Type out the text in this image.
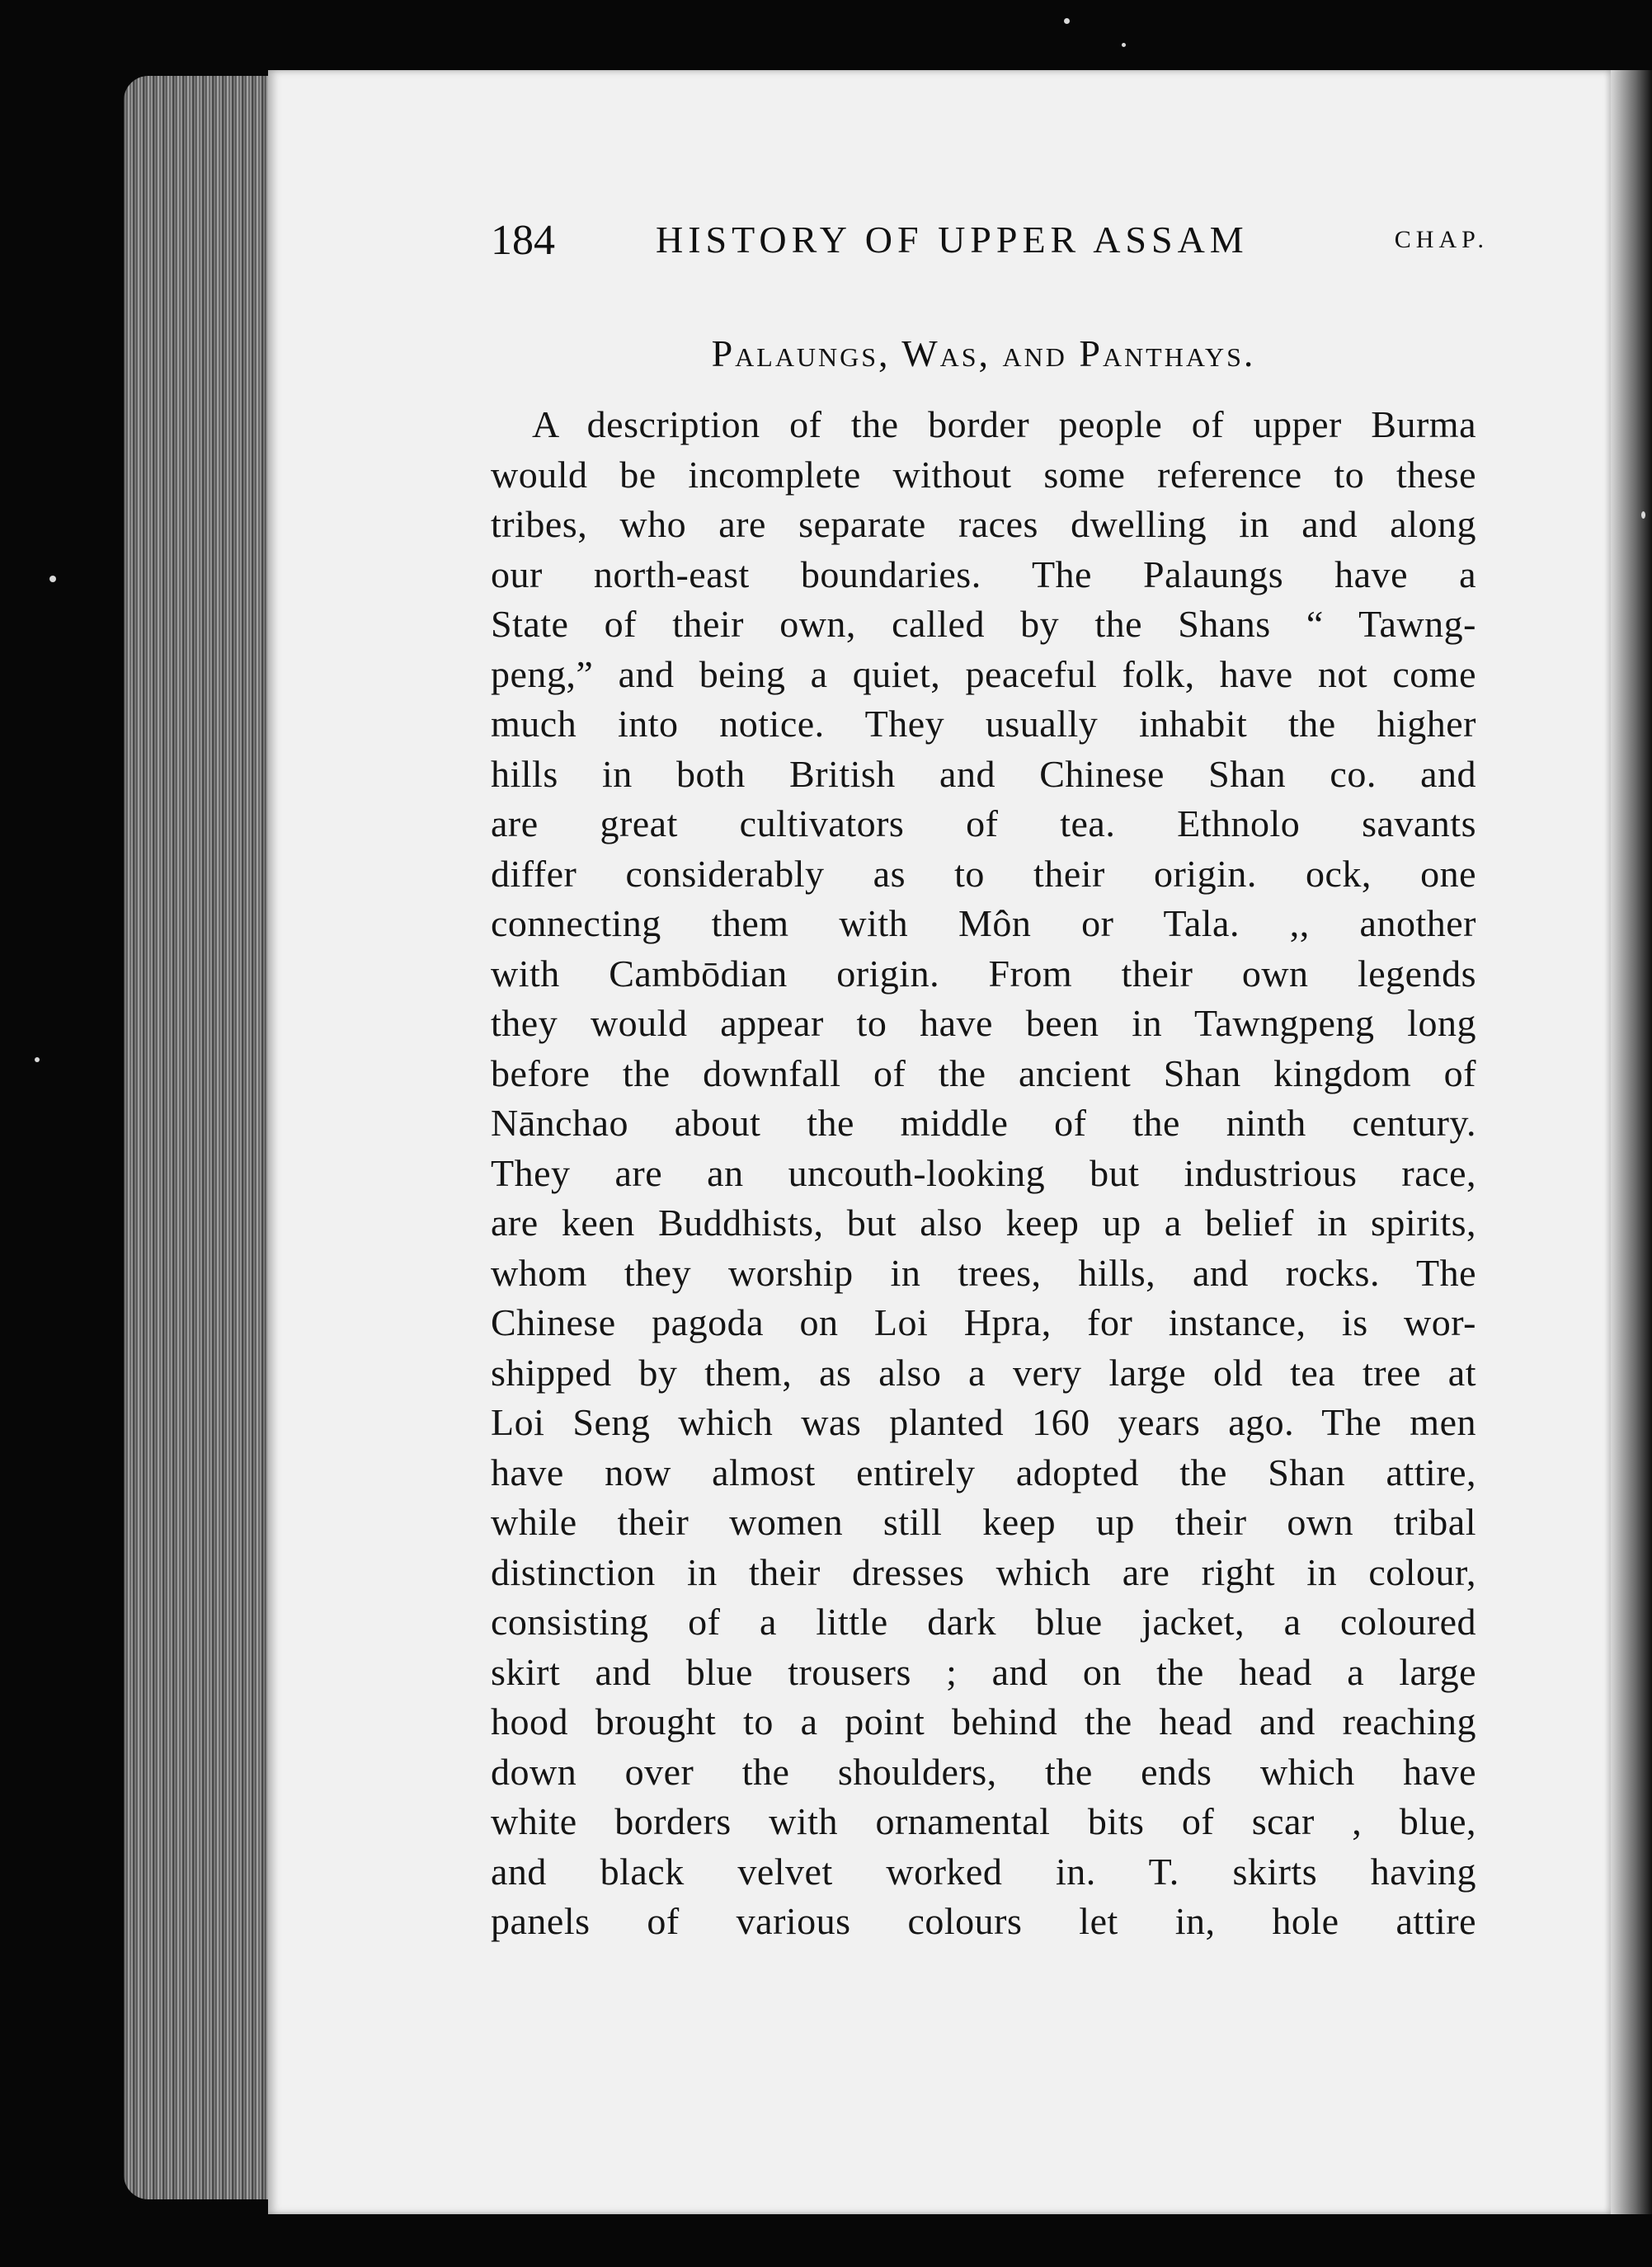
184	HISTORY OF UPPER ASSAM	CHAP.
Palaungs, Was, and Panthays.
A description of the border people of upper Burma
would be incomplete without some reference to these
tribes, who are separate races dwelling in and along
our north-east boundaries. The Palaungs have a
State of their own, called by the Shans “ Tawng-
peng,” and being a quiet, peaceful folk, have not come
much into notice. They usually inhabit the higher
hills in both British and Chinese Shan co. and
are great cultivators of tea. Ethnolo savants
differ considerably as to their origin. ock, one
connecting them with Môn or Tala. ,, another
with Cambōdian origin. From their own legends
they would appear to have been in Tawngpeng long
before the downfall of the ancient Shan kingdom of
Nānchao about the middle of the ninth century.
They are an uncouth-looking but industrious race,
are keen Buddhists, but also keep up a belief in spirits,
whom they worship in trees, hills, and rocks. The
Chinese pagoda on Loi Hpra, for instance, is wor-
shipped by them, as also a very large old tea tree at
Loi Seng which was planted 160 years ago. The men
have now almost entirely adopted the Shan attire,
while their women still keep up their own tribal
distinction in their dresses which are right in colour,
consisting of a little dark blue jacket, a coloured
skirt and blue trousers ; and on the head a large
hood brought to a point behind the head and reaching
down over the shoulders, the ends which have
white borders with ornamental bits of scar , blue,
and black velvet worked in. T. skirts having
panels of various colours let in, hole attire
